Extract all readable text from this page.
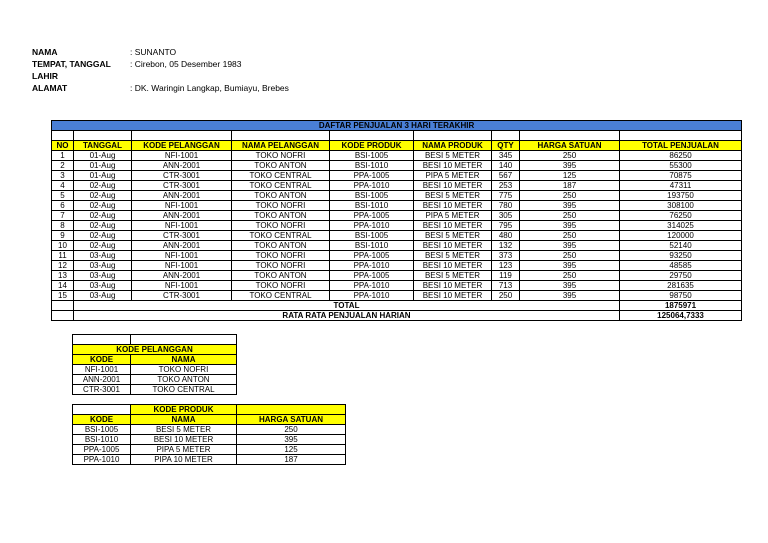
NAMA	: SUNANTO
TEMPAT, TANGGAL LAHIR
: Cirebon, 05 Desember 1983
ALAMAT	: DK. Waringin Langkap, Bumiayu, Brebes
DAFTAR PENJUALAN 3 HARI TERAKHIR								

NO	TANGGAL	KODE PELANGGAN	NAMA PELANGGAN	KODE PRODUK	NAMA PRODUK	QTY	HARGA SATUAN	TOTAL PENJUALAN
1	01-Aug	NFI-1001	TOKO NOFRI	BSI-1005	BESI 5 METER	345	250	86250
2	01-Aug	ANN-2001	TOKO ANTON	BSI-1010	BESI 10 METER	140	395	55300
3	01-Aug	CTR-3001	TOKO CENTRAL	PPA-1005	PIPA 5 METER	567	125	70875
4	02-Aug	CTR-3001	TOKO CENTRAL	PPA-1010	BESI 10 METER	253	187	47311
5	02-Aug	ANN-2001	TOKO ANTON	BSI-1005	BESI 5 METER	775	250	193750
6	02-Aug	NFI-1001	TOKO NOFRI	BSI-1010	BESI 10 METER	780	395	308100
7	02-Aug	ANN-2001	TOKO ANTON	PPA-1005	PIPA 5 METER	305	250	76250
8	02-Aug	NFI-1001	TOKO NOFRI	PPA-1010	BESI 10 METER	795	395	314025
9	02-Aug	CTR-3001	TOKO CENTRAL	BSI-1005	BESI 5 METER	480	250	120000
10	02-Aug	ANN-2001	TOKO ANTON	BSI-1010	BESI 10 METER	132	395	52140
11	03-Aug	NFI-1001	TOKO NOFRI	PPA-1005	BESI 5 METER	373	250	93250
12	03-Aug	NFI-1001	TOKO NOFRI	PPA-1010	BESI 10 METER	123	395	48585
13	03-Aug	ANN-2001	TOKO ANTON	PPA-1005	BESI 5 METER	119	250	29750
14	03-Aug	NFI-1001	TOKO NOFRI	PPA-1010	BESI 10 METER	713	395	281635
15	03-Aug	CTR-3001	TOKO CENTRAL	PPA-1010	BESI 10 METER	250	395	98750
	TOTAL							1875971
	RATA RATA PENJUALAN HARIAN							125064,7333

KODE PELANGGAN	
KODE	NAMA
NFI-1001	TOKO NOFRI
ANN-2001	TOKO ANTON
CTR-3001	TOKO CENTRAL
	KODE PRODUK	
KODE	NAMA	HARGA SATUAN
BSI-1005	BESI 5 METER	250
BSI-1010	BESI 10 METER	395
PPA-1005	PIPA 5 METER	125
PPA-1010	PIPA 10 METER	187
